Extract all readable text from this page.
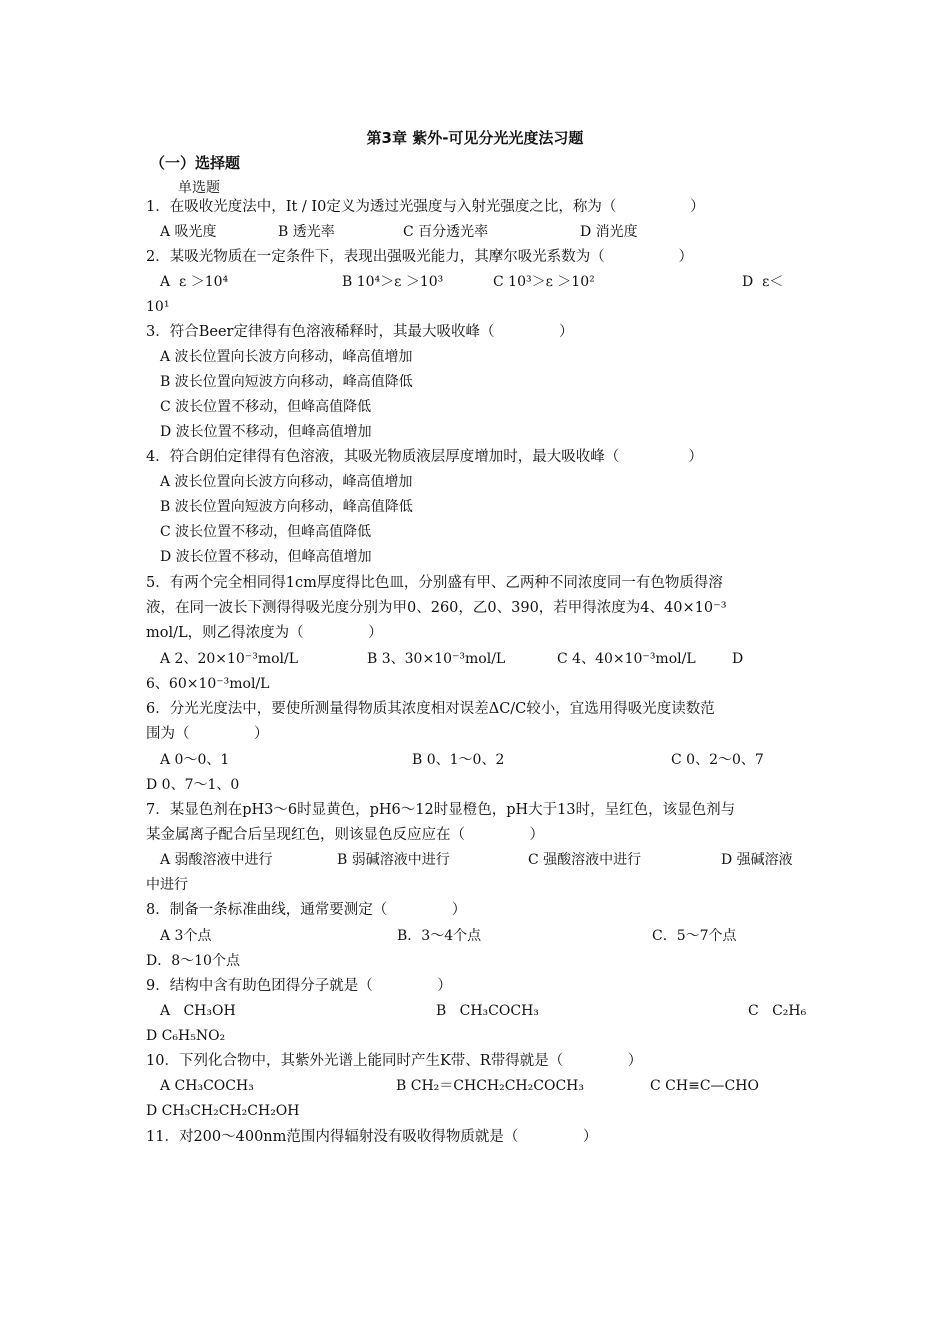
第3章 紫外-可见分光光度法习题
（一）选择题
单选题
1．在吸收光度法中，It / I0定义为透过光强度与入射光强度之比，称为（                ）
A 吸光度	B 透光率	C 百分透光率	D 消光度
2．某吸光物质在一定条件下，表现出强吸光能力，其摩尔吸光系数为（                ）
A  ε ＞10⁴	B 10⁴＞ε ＞10³	C 10³＞ε ＞10²	D  ε＜
10¹
3．符合Beer定律得有色溶液稀释时，其最大吸收峰（              ）
A 波长位置向长波方向移动，峰高值增加
B 波长位置向短波方向移动，峰高值降低
C 波长位置不移动，但峰高值降低
D 波长位置不移动，但峰高值增加
4．符合朗伯定律得有色溶液，其吸光物质液层厚度增加时，最大吸收峰（               ）
A 波长位置向长波方向移动，峰高值增加
B 波长位置向短波方向移动，峰高值降低
C 波长位置不移动，但峰高值降低
D 波长位置不移动，但峰高值增加
5．有两个完全相同得1cm厚度得比色皿，分别盛有甲、乙两种不同浓度同一有色物质得溶
液，在同一波长下测得得吸光度分别为甲0、260，乙0、390，若甲得浓度为4、40×10⁻³
mol/L，则乙得浓度为（              ）
A 2、20×10⁻³mol/L	B 3、30×10⁻³mol/L	C 4、40×10⁻³mol/L	D
6、60×10⁻³mol/L
6．分光光度法中，要使所测量得物质其浓度相对误差ΔC/C较小，宜选用得吸光度读数范
围为（              ）
A 0～0、1	B 0、1～0、2	C 0、2～0、7
D 0、7～1、0
7．某显色剂在pH3～6时显黄色，pH6～12时显橙色，pH大于13时，呈红色，该显色剂与
某金属离子配合后呈现红色，则该显色反应应在（              ）
A 弱酸溶液中进行	B 弱碱溶液中进行	C 强酸溶液中进行	D 强碱溶液
中进行
8．制备一条标准曲线，通常要测定（              ）
A 3个点	B．3～4个点	C．5～7个点
D．8～10个点
9．结构中含有助色团得分子就是（              ）
A   CH₃OH	B   CH₃COCH₃	C   C₂H₆
D C₆H₅NO₂
10．下列化合物中，其紫外光谱上能同时产生K带、R带得就是（              ）
A CH₃COCH₃	B CH₂＝CHCH₂CH₂COCH₃	C CH≡C—CHO
D CH₃CH₂CH₂CH₂OH
11．对200～400nm范围内得辐射没有吸收得物质就是（              ）
